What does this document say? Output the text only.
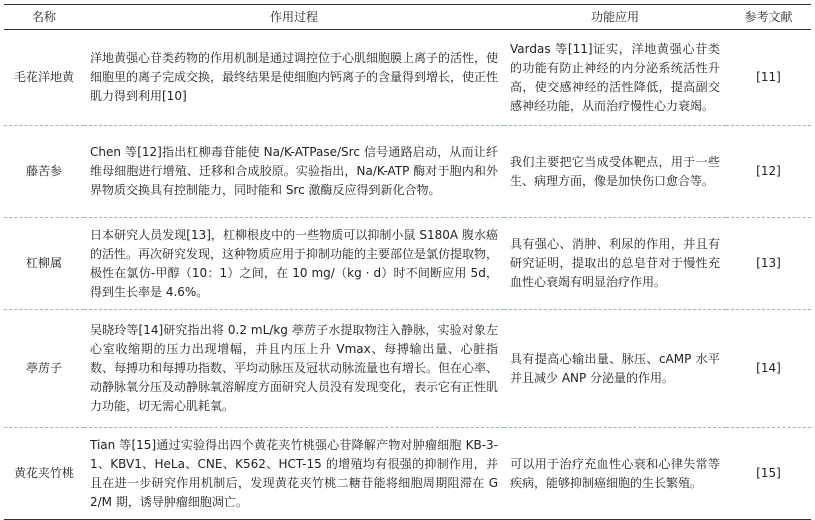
名称	作用过程	功能应用	参考文献
毛花洋地黄	洋地黄强心苷类药物的作用机制是通过调控位于心肌细胞膜上离子的活性，使细胞里的离子完成交换，最终结果是使细胞内钙离子的含量得到增长，使正性肌力得到利用[10]	Vardas 等[11]证实，洋地黄强心苷类的功能有防止神经的内分泌系统活性升高，使交感神经的活性降低，提高副交感神经功能，从而治疗慢性心力衰竭。	[11]
藤苦参	Chen 等[12]指出杠柳毒苷能使 Na/K-ATPase/Src 信号通路启动，从而让纤维母细胞进行增殖、迁移和合成胶原。实验指出，Na/K-ATP 酶对于胞内和外界物质交换具有控制能力，同时能和 Src 激酶反应得到新化合物。	我们主要把它当成受体靶点，用于一些生、病理方面，像是加快伤口愈合等。	[12]
杠柳属	日本研究人员发现[13]，杠柳根皮中的一些物质可以抑制小鼠 S180A 腹水癌的活性。再次研究发现，这种物质应用于抑制功能的主要部位是氯仿提取物，极性在氯仿-甲醇（10：1）之间，在 10 mg/（kg · d）时不间断应用 5d，得到生长率是 4.6%。	具有强心、消肿、利尿的作用，并且有研究证明，提取出的总皂苷对于慢性充血性心衰竭有明显治疗作用。	[13]
葶苈子	吴晓玲等[14]研究指出将 0.2 mL/kg 葶苈子水提取物注入静脉，实验对象左心室收缩期的压力出现增幅，并且内压上升 Vmax、每搏输出量、心脏指数、每搏功和每搏功指数、平均动脉压及冠状动脉流量也有增长。但在心率、动静脉氧分压及动静脉氧溶解度方面研究人员没有发现变化，表示它有正性肌力功能，切无需心肌耗氧。	具有提高心输出量、脉压、cAMP 水平并且减少 ANP 分泌量的作用。	[14]
黄花夹竹桃	Tian 等[15]通过实验得出四个黄花夹竹桃强心苷降解产物对肿瘤细胞 KB-3-1、KBV1、HeLa、CNE、K562、HCT-15 的增殖均有很强的抑制作用，并且在进一步研究作用机制后，发现黄花夹竹桃二糖苷能将细胞周期阻滞在 G2/M 期，诱导肿瘤细胞凋亡。	可以用于治疗充血性心衰和心律失常等疾病，能够抑制癌细胞的生长繁殖。	[15]
